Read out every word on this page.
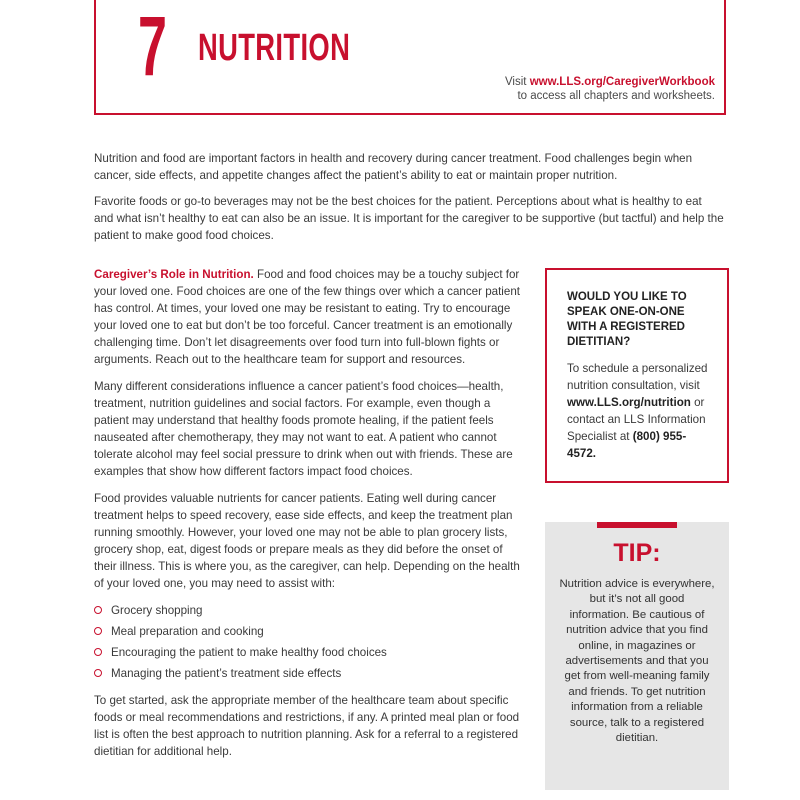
7 NUTRITION
Visit www.LLS.org/CaregiverWorkbook
to access all chapters and worksheets.

Nutrition and food are important factors in health and recovery during cancer treatment. Food challenges begin when cancer, side effects, and appetite changes affect the patient’s ability to eat or maintain proper nutrition.

Favorite foods or go-to beverages may not be the best choices for the patient. Perceptions about what is healthy to eat and what isn’t healthy to eat can also be an issue. It is important for the caregiver to be supportive (but tactful) and help the patient to make good food choices.

Caregiver’s Role in Nutrition. Food and food choices may be a touchy subject for your loved one. Food choices are one of the few things over which a cancer patient has control. At times, your loved one may be resistant to eating. Try to encourage your loved one to eat but don’t be too forceful. Cancer treatment is an emotionally challenging time. Don’t let disagreements over food turn into full-blown fights or arguments. Reach out to the healthcare team for support and resources.

Many different considerations influence a cancer patient’s food choices—health, treatment, nutrition guidelines and social factors. For example, even though a patient may understand that healthy foods promote healing, if the patient feels nauseated after chemotherapy, they may not want to eat. A patient who cannot tolerate alcohol may feel social pressure to drink when out with friends. These are examples that show how different factors impact food choices.

Food provides valuable nutrients for cancer patients. Eating well during cancer treatment helps to speed recovery, ease side effects, and keep the treatment plan running smoothly. However, your loved one may not be able to plan grocery lists, grocery shop, eat, digest foods or prepare meals as they did before the onset of their illness. This is where you, as the caregiver, can help. Depending on the health of your loved one, you may need to assist with:

Grocery shopping
Meal preparation and cooking
Encouraging the patient to make healthy food choices
Managing the patient’s treatment side effects

To get started, ask the appropriate member of the healthcare team about specific foods or meal recommendations and restrictions, if any. A printed meal plan or food list is often the best approach to nutrition planning. Ask for a referral to a registered dietitian for additional help.

WOULD YOU LIKE TO SPEAK ONE-ON-ONE WITH A REGISTERED DIETITIAN?
To schedule a personalized nutrition consultation, visit www.LLS.org/nutrition or contact an LLS Information Specialist at (800) 955-4572.
TIP:
Nutrition advice is everywhere, but it’s not all good information. Be cautious of nutrition advice that you find online, in magazines or advertisements and that you get from well-meaning family and friends. To get nutrition information from a reliable source, talk to a registered dietitian.
